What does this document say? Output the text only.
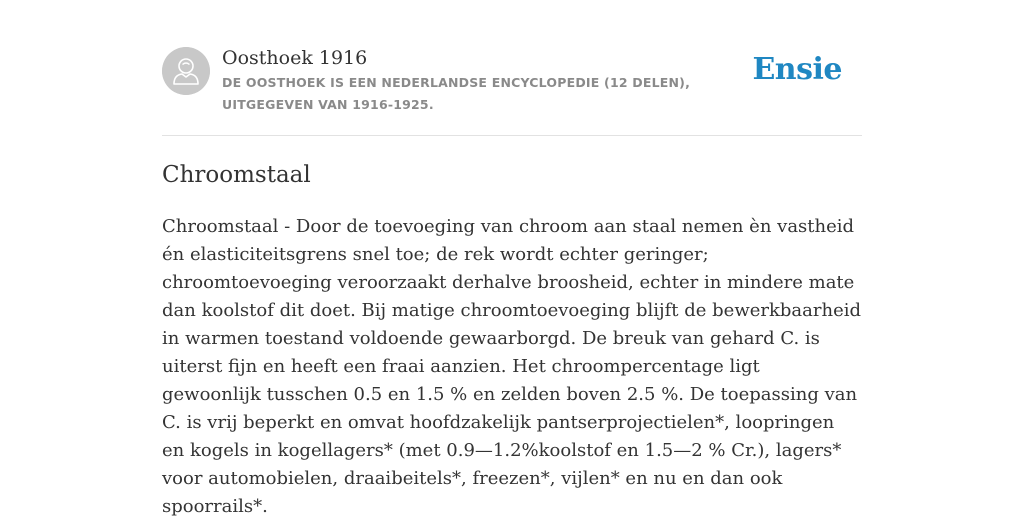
Oosthoek 1916
DE OOSTHOEK IS EEN NEDERLANDSE ENCYCLOPEDIE (12 DELEN), UITGEGEVEN VAN 1916-1925.
Ensie
Chroomstaal

Chroomstaal - Door de toevoeging van chroom aan staal nemen èn vastheid én elasticiteitsgrens snel toe; de rek wordt echter geringer; chroomtoevoeging veroorzaakt derhalve broosheid, echter in mindere mate dan koolstof dit doet. Bij matige chroomtoevoeging blijft de bewerkbaarheid in warmen toestand voldoende gewaarborgd. De breuk van gehard C. is uiterst fijn en heeft een fraai aanzien. Het chroompercentage ligt gewoonlijk tusschen 0.5 en 1.5 % en zelden boven 2.5 %. De toepassing van C. is vrij beperkt en omvat hoofdzakelijk pantserprojectielen*, loopringen en kogels in kogellagers* (met 0.9—1.2%koolstof en 1.5—2 % Cr.), lagers* voor automobielen, draaibeitels*, freezen*, vijlen* en nu en dan ook spoorrails*.
